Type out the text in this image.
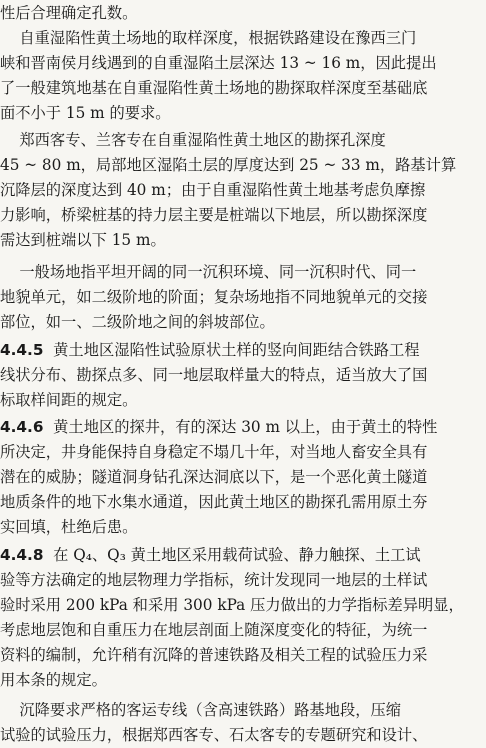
性后合理确定孔数。
自重湿陷性黄土场地的取样深度，根据铁路建设在豫西三门
峡和晋南侯月线遇到的自重湿陷土层深达 13 ~ 16 m，因此提出
了一般建筑地基在自重湿陷性黄土场地的勘探取样深度至基础底
面不小于 15 m 的要求。
郑西客专、兰客专在自重湿陷性黄土地区的勘探孔深度
45 ~ 80 m，局部地区湿陷土层的厚度达到 25 ~ 33 m，路基计算
沉降层的深度达到 40 m；由于自重湿陷性黄土地基考虑负摩擦
力影响，桥梁桩基的持力层主要是桩端以下地层，所以勘探深度
需达到桩端以下 15 m。
一般场地指平坦开阔的同一沉积环境、同一沉积时代、同一
地貌单元，如二级阶地的阶面；复杂场地指不同地貌单元的交接
部位，如一、二级阶地之间的斜坡部位。
4.4.5  黄土地区湿陷性试验原状土样的竖向间距结合铁路工程
线状分布、勘探点多、同一地层取样量大的特点，适当放大了国
标取样间距的规定。
4.4.6  黄土地区的探井，有的深达 30 m 以上，由于黄土的特性
所决定，井身能保持自身稳定不塌几十年，对当地人畜安全具有
潜在的威胁；隧道洞身钻孔深达洞底以下，是一个恶化黄土隧道
地质条件的地下水集水通道，因此黄土地区的勘探孔需用原土夯
实回填，杜绝后患。
4.4.8  在 Q₄、Q₃ 黄土地区采用载荷试验、静力触探、土工试
验等方法确定的地层物理力学指标，统计发现同一地层的土样试
验时采用 200 kPa 和采用 300 kPa 压力做出的力学指标差异明显，
考虑地层饱和自重压力在地层剖面上随深度变化的特征，为统一
资料的编制，允许稍有沉降的普速铁路及相关工程的试验压力采
用本条的规定。
沉降要求严格的客运专线（含高速铁路）路基地段，压缩
试验的试验压力，根据郑西客专、石太客专的专题研究和设计、
